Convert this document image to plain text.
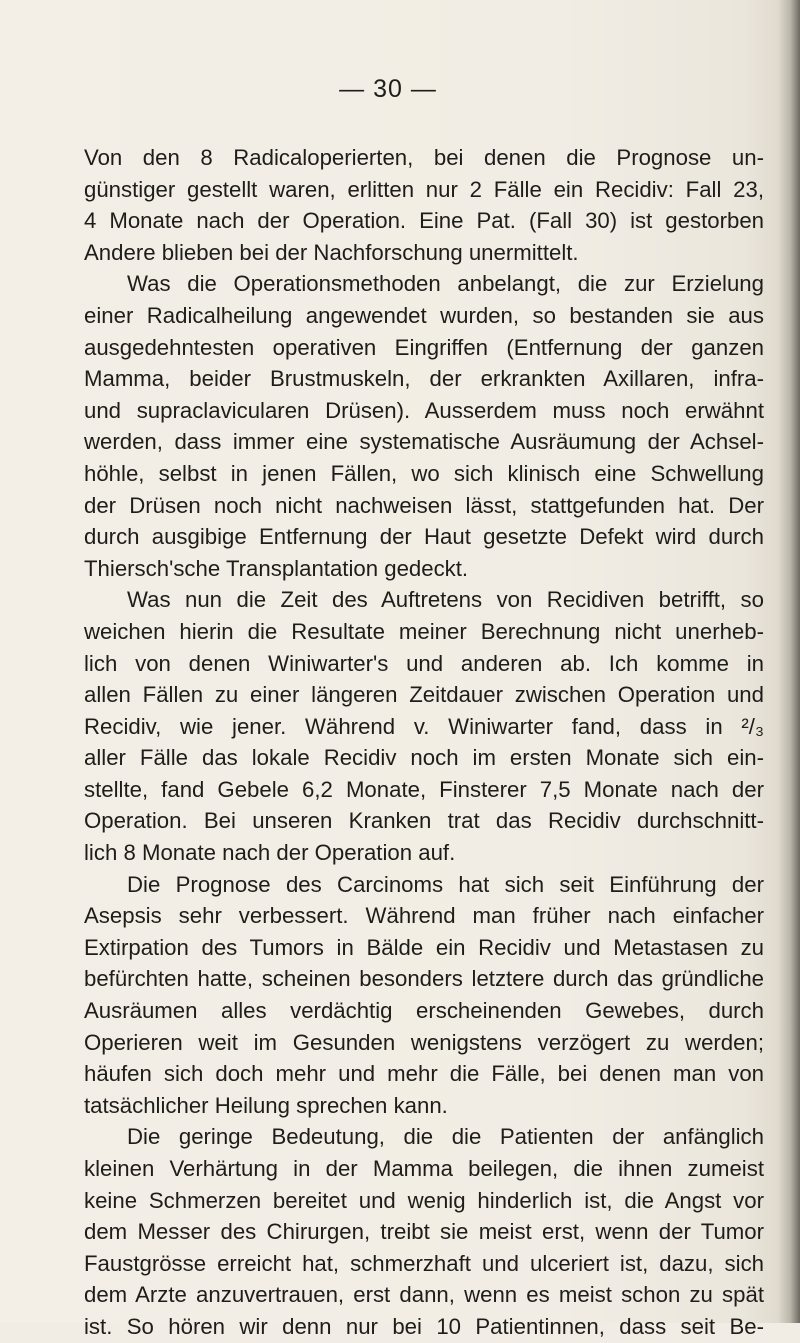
— 30 —
Von den 8 Radicaloperierten, bei denen die Prognose un-
günstiger gestellt waren, erlitten nur 2 Fälle ein Recidiv: Fall 23,
4 Monate nach der Operation. Eine Pat. (Fall 30) ist gestorben
Andere blieben bei der Nachforschung unermittelt.
Was die Operationsmethoden anbelangt, die zur Erzielung
einer Radicalheilung angewendet wurden, so bestanden sie aus
ausgedehntesten operativen Eingriffen (Entfernung der ganzen
Mamma, beider Brustmuskeln, der erkrankten Axillaren, infra-
und supraclavicularen Drüsen). Ausserdem muss noch erwähnt
werden, dass immer eine systematische Ausräumung der Achsel-
höhle, selbst in jenen Fällen, wo sich klinisch eine Schwellung
der Drüsen noch nicht nachweisen lässt, stattgefunden hat. Der
durch ausgibige Entfernung der Haut gesetzte Defekt wird durch
Thiersch'sche Transplantation gedeckt.
Was nun die Zeit des Auftretens von Recidiven betrifft, so
weichen hierin die Resultate meiner Berechnung nicht unerheb-
lich von denen Winiwarter's und anderen ab. Ich komme in
allen Fällen zu einer längeren Zeitdauer zwischen Operation und
Recidiv, wie jener. Während v. Winiwarter fand, dass in ²/₃
aller Fälle das lokale Recidiv noch im ersten Monate sich ein-
stellte, fand Gebele 6,2 Monate, Finsterer 7,5 Monate nach der
Operation. Bei unseren Kranken trat das Recidiv durchschnitt-
lich 8 Monate nach der Operation auf.
Die Prognose des Carcinoms hat sich seit Einführung der
Asepsis sehr verbessert. Während man früher nach einfacher
Extirpation des Tumors in Bälde ein Recidiv und Metastasen zu
befürchten hatte, scheinen besonders letztere durch das gründliche
Ausräumen alles verdächtig erscheinenden Gewebes, durch
Operieren weit im Gesunden wenigstens verzögert zu werden;
häufen sich doch mehr und mehr die Fälle, bei denen man von
tatsächlicher Heilung sprechen kann.
Die geringe Bedeutung, die die Patienten der anfänglich
kleinen Verhärtung in der Mamma beilegen, die ihnen zumeist
keine Schmerzen bereitet und wenig hinderlich ist, die Angst vor
dem Messer des Chirurgen, treibt sie meist erst, wenn der Tumor
Faustgrösse erreicht hat, schmerzhaft und ulceriert ist, dazu, sich
dem Arzte anzuvertrauen, erst dann, wenn es meist schon zu spät
ist. So hören wir denn nur bei 10 Patientinnen, dass seit Be-
